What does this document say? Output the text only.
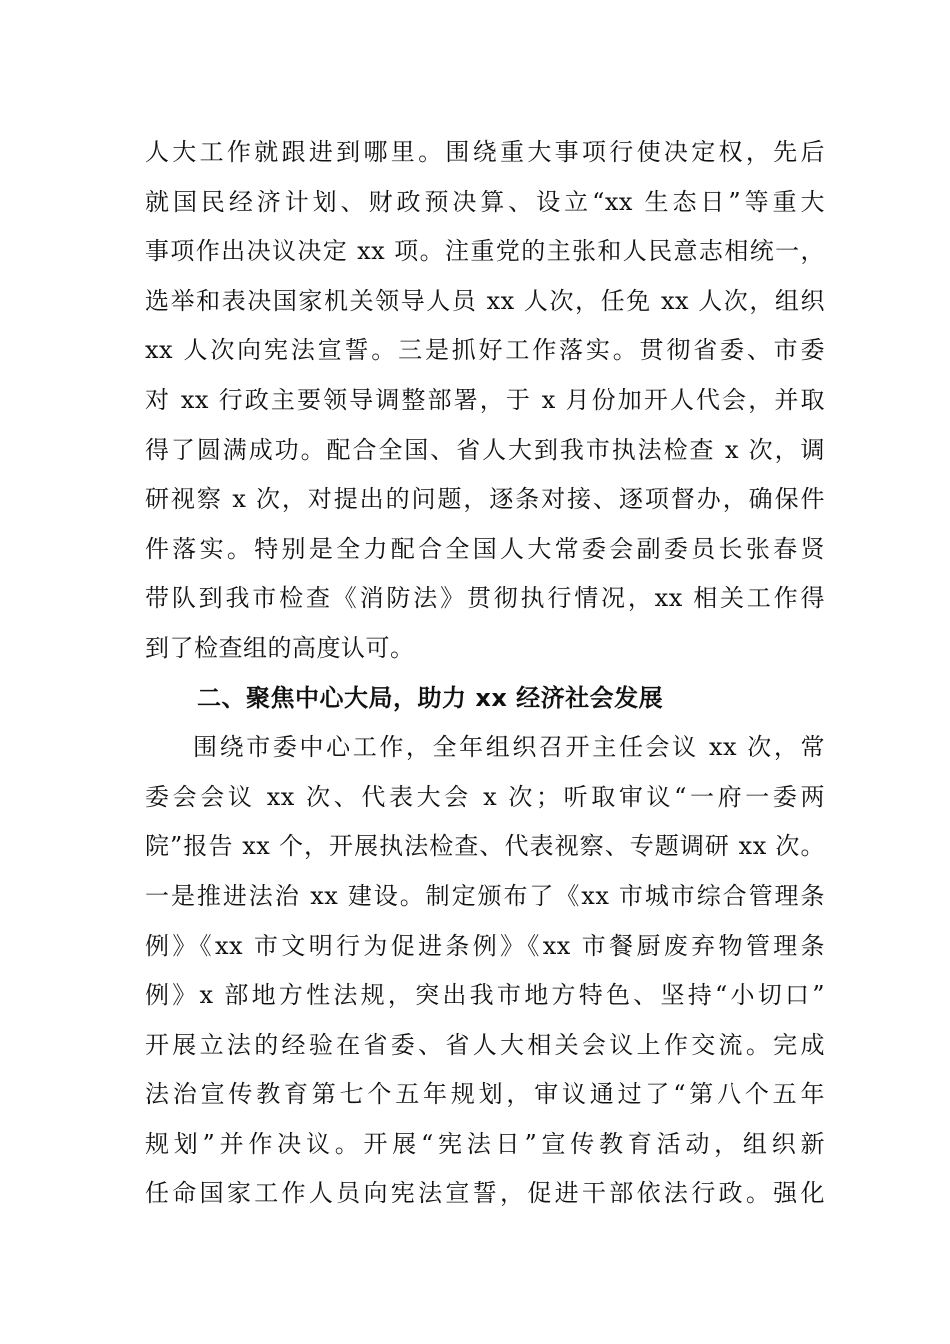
人大工作就跟进到哪里。围绕重大事项行使决定权，先后
就国民经济计划、财政预决算、设立“xx 生态日”等重大
事项作出决议决定 xx 项。注重党的主张和人民意志相统一，
选举和表决国家机关领导人员 xx 人次，任免 xx 人次，组织
xx 人次向宪法宣誓。三是抓好工作落实。贯彻省委、市委
对 xx 行政主要领导调整部署，于 x 月份加开人代会，并取
得了圆满成功。配合全国、省人大到我市执法检查 x 次，调
研视察 x 次，对提出的问题，逐条对接、逐项督办，确保件
件落实。特别是全力配合全国人大常委会副委员长张春贤
带队到我市检查《消防法》贯彻执行情况，xx 相关工作得
到了检查组的高度认可。
二、聚焦中心大局，助力 xx 经济社会发展
围绕市委中心工作，全年组织召开主任会议 xx 次，常
委会会议 xx 次、代表大会 x 次；听取审议“一府一委两
院”报告 xx 个，开展执法检查、代表视察、专题调研 xx 次。
一是推进法治 xx 建设。制定颁布了《xx 市城市综合管理条
例》《xx 市文明行为促进条例》《xx 市餐厨废弃物管理条
例》x 部地方性法规，突出我市地方特色、坚持“小切口”
开展立法的经验在省委、省人大相关会议上作交流。完成
法治宣传教育第七个五年规划，审议通过了“第八个五年
规划”并作决议。开展“宪法日”宣传教育活动，组织新
任命国家工作人员向宪法宣誓，促进干部依法行政。强化
